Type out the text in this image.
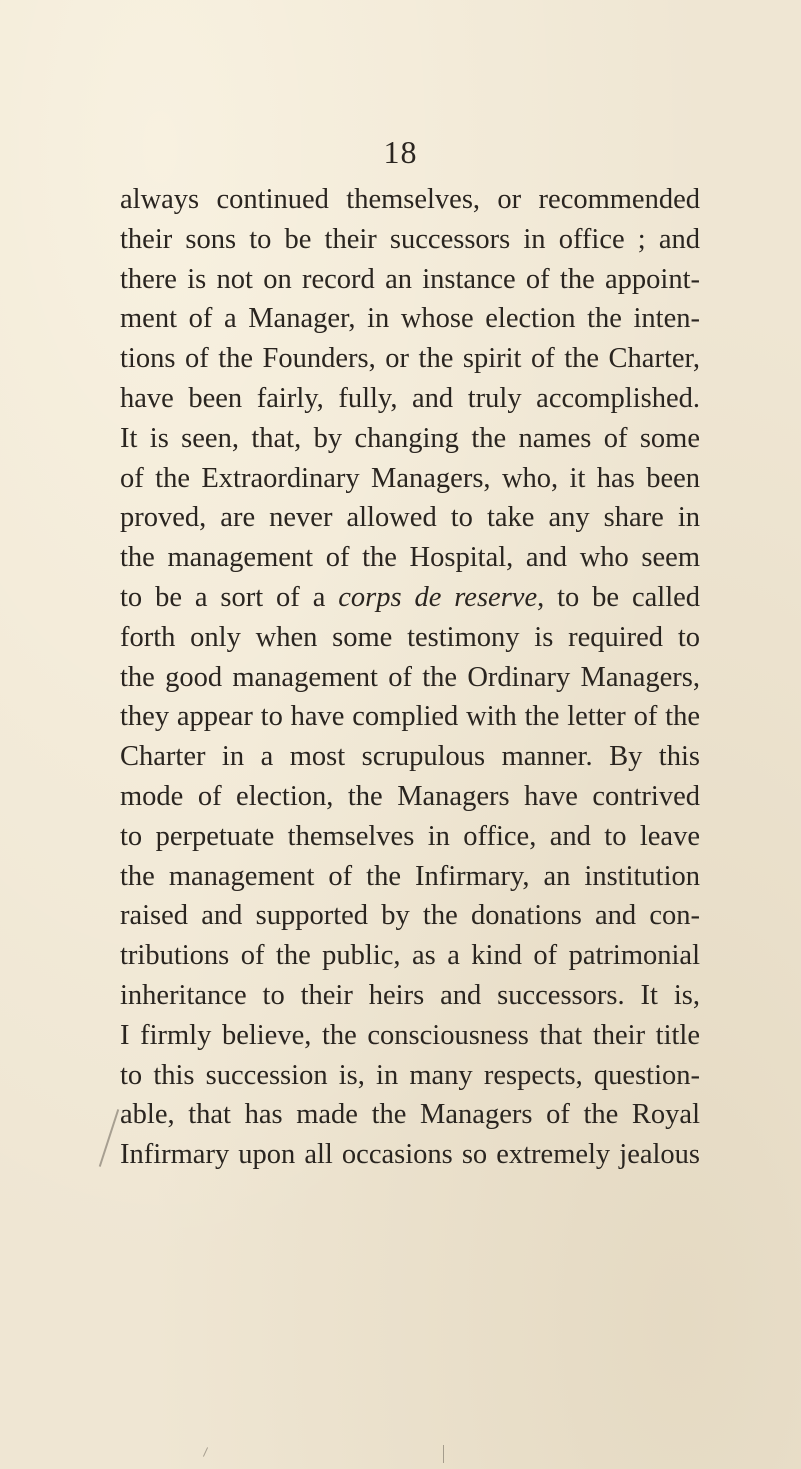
18
always continued themselves, or recommended
their sons to be their successors in office ; and
there is not on record an instance of the appoint-
ment of a Manager, in whose election the inten-
tions of the Founders, or the spirit of the Charter,
have been fairly, fully, and truly accomplished.
It is seen, that, by changing the names of some
of the Extraordinary Managers, who, it has been
proved, are never allowed to take any share in
the management of the Hospital, and who seem
to be a sort of a corps de reserve, to be called
forth only when some testimony is required to
the good management of the Ordinary Managers,
they appear to have complied with the letter of the
Charter in a most scrupulous manner. By this
mode of election, the Managers have contrived
to perpetuate themselves in office, and to leave
the management of the Infirmary, an institution
raised and supported by the donations and con-
tributions of the public, as a kind of patrimonial
inheritance to their heirs and successors. It is,
I firmly believe, the consciousness that their title
to this succession is, in many respects, question-
able, that has made the Managers of the Royal
Infirmary upon all occasions so extremely jealous
